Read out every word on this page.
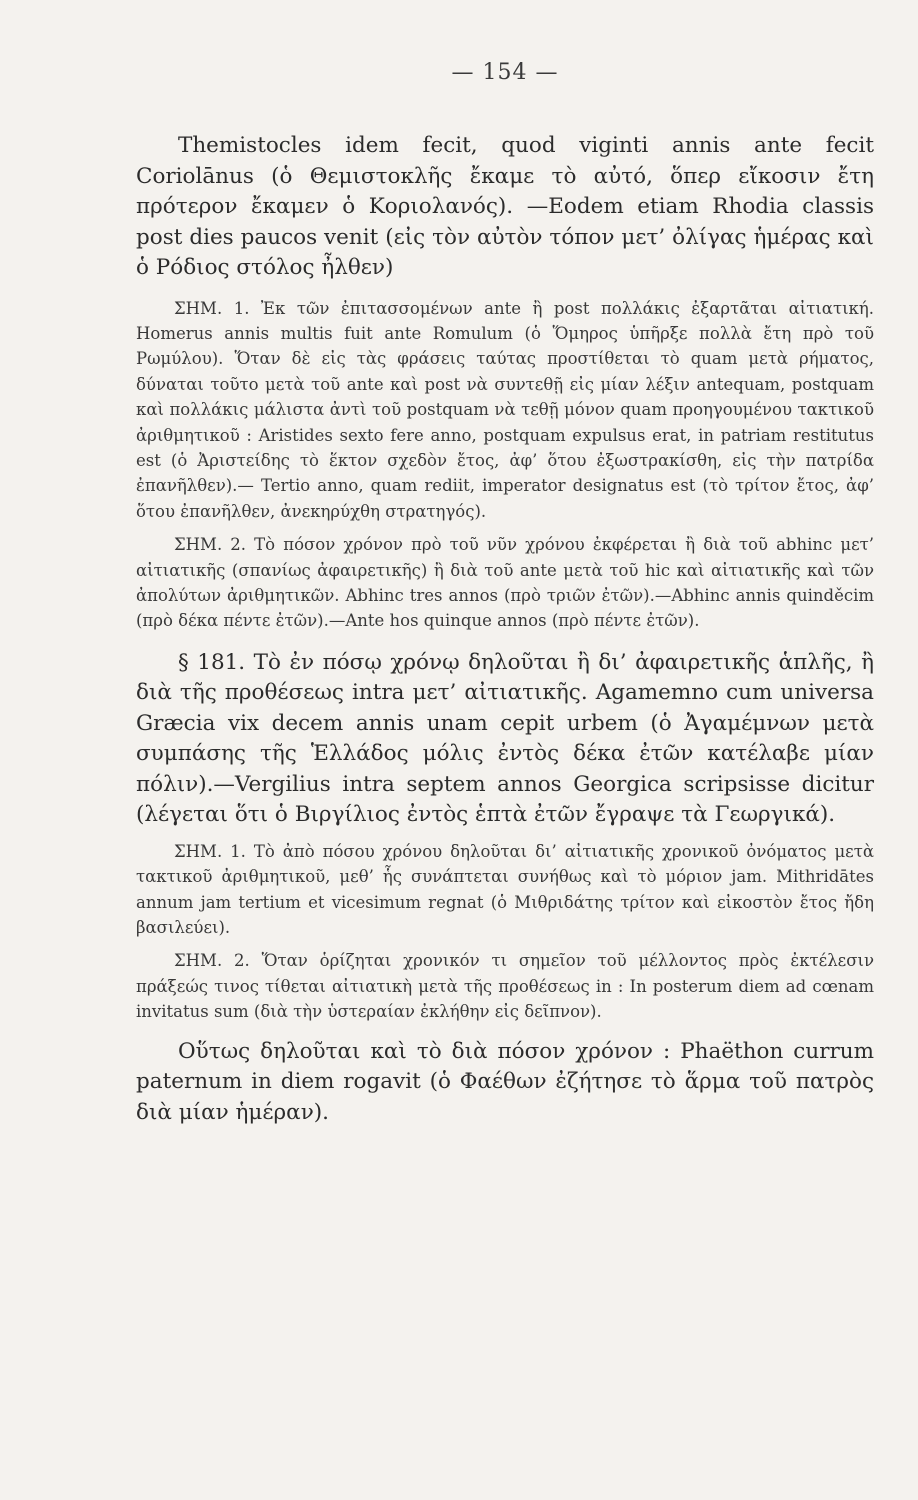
— 154 —

Themistocles idem fecit, quod viginti annis ante fecit Coriolānus (ὁ Θεμιστοκλῆς ἔκαμε τὸ αὐτό, ὅπερ εἴκοσιν ἔτη πρότερον ἔκαμεν ὁ Κοριολανός). —Eodem etiam Rhodia classis post dies paucos venit (εἰς τὸν αὐτὸν τόπον μετ’ ὀλίγας ἡμέρας καὶ ὁ Ρόδιος στόλος ἦλθεν)

ΣΗΜ. 1. Ἐκ τῶν ἐπιτασσομένων ante ἢ post πολλάκις ἐξαρτᾶται αἰτιατική. Homerus annis multis fuit ante Romulum (ὁ Ὅμηρος ὑπῆρξε πολλὰ ἔτη πρὸ τοῦ Ρωμύλου). Ὅταν δὲ εἰς τὰς φράσεις ταύτας προστίθεται τὸ quam μετὰ ρήματος, δύναται τοῦτο μετὰ τοῦ ante καὶ post νὰ συντεθῇ εἰς μίαν λέξιν antequam, postquam καὶ πολλάκις μάλιστα ἀντὶ τοῦ postquam νὰ τεθῇ μόνον quam προηγουμένου τακτικοῦ ἀριθμητικοῦ : Aristides sexto fere anno, postquam expulsus erat, in patriam restitutus est (ὁ Ἀριστείδης τὸ ἕκτον σχεδὸν ἔτος, ἀφ’ ὅτου ἐξωστρακίσθη, εἰς τὴν πατρίδα ἐπανῆλθεν).— Tertio anno, quam rediit, imperator designatus est (τὸ τρίτον ἔτος, ἀφ’ ὅτου ἐπανῆλθεν, ἀνεκηρύχθη στρατηγός).

ΣΗΜ. 2. Τὸ πόσον χρόνον πρὸ τοῦ νῦν χρόνου ἐκφέρεται ἢ διὰ τοῦ abhinc μετ’ αἰτιατικῆς (σπανίως ἀφαιρετικῆς) ἢ διὰ τοῦ ante μετὰ τοῦ hic καὶ αἰτιατικῆς καὶ τῶν ἀπολύτων ἀριθμητικῶν. Abhinc tres annos (πρὸ τριῶν ἐτῶν).—Abhinc annis quinděcim (πρὸ δέκα πέντε ἐτῶν).—Ante hos quinque annos (πρὸ πέντε ἐτῶν).

§ 181. Τὸ ἐν πόσῳ χρόνῳ δηλοῦται ἢ δι’ ἀφαιρετικῆς ἁπλῆς, ἢ διὰ τῆς προθέσεως intra μετ’ αἰτιατικῆς. Agamemno cum universa Græcia vix decem annis unam cepit urbem (ὁ Ἀγαμέμνων μετὰ συμπάσης τῆς Ἑλλάδος μόλις ἐντὸς δέκα ἐτῶν κατέλαβε μίαν πόλιν).—Vergilius intra septem annos Georgica scripsisse dicitur (λέγεται ὅτι ὁ Βιργίλιος ἐντὸς ἑπτὰ ἐτῶν ἔγραψε τὰ Γεωργικά).

ΣΗΜ. 1. Τὸ ἀπὸ πόσου χρόνου δηλοῦται δι’ αἰτιατικῆς χρονικοῦ ὀνόματος μετὰ τακτικοῦ ἀριθμητικοῦ, μεθ’ ἧς συνάπτεται συνήθως καὶ τὸ μόριον jam. Mithridātes annum jam tertium et vicesimum regnat (ὁ Μιθριδάτης τρίτον καὶ εἰκοστὸν ἔτος ἤδη βασιλεύει).

ΣΗΜ. 2. Ὅταν ὁρίζηται χρονικόν τι σημεῖον τοῦ μέλλοντος πρὸς ἐκτέλεσιν πράξεώς τινος τίθεται αἰτιατικὴ μετὰ τῆς προθέσεως in : In posterum diem ad cœnam invitatus sum (διὰ τὴν ὑστεραίαν ἐκλήθην εἰς δεῖπνον).

Οὕτως δηλοῦται καὶ τὸ διὰ πόσον χρόνον : Phaëthon currum paternum in diem rogavit (ὁ Φαέθων ἐζήτησε τὸ ἅρμα τοῦ πατρὸς διὰ μίαν ἡμέραν).
